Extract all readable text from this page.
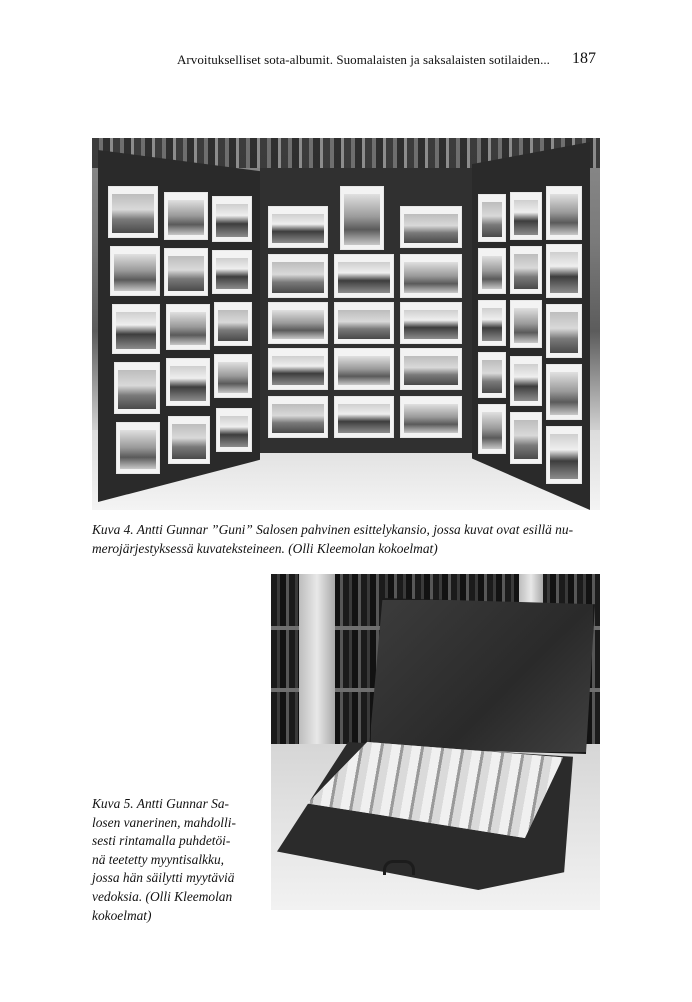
Arvoitukselliset sota-albumit. Suomalaisten ja saksalaisten sotilaiden... 187
Kuva 4. Antti Gunnar ”Guni” Salosen pahvinen esittelykansio, jossa kuvat ovat esillä nu-
merojärjestyksessä kuvateksteineen. (Olli Kleemolan kokoelmat)
Kuva 5. Antti Gunnar Sa-
losen vanerinen, mahdolli-
sesti rintamalla puhdetöi-
nä teetetty myyntisalkku,
jossa hän säilytti myytäviä
vedoksia. (Olli Kleemolan
kokoelmat)
